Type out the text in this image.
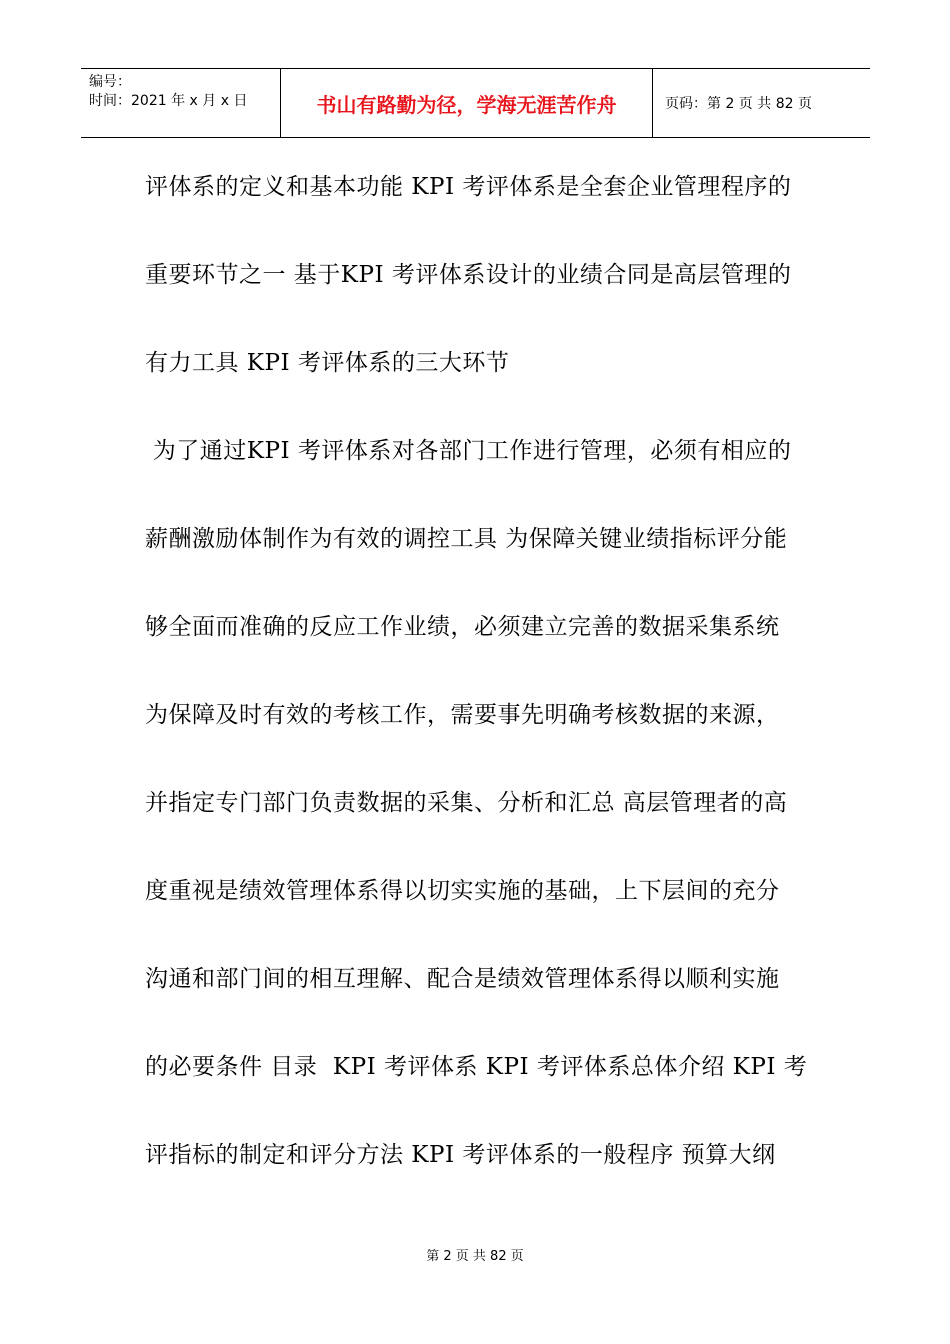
编号：
时间：2021 年 x 月 x 日	书山有路勤为径，学海无涯苦作舟	页码：第 2 页 共 82 页
评体系的定义和基本功能 KPI 考评体系是全套企业管理程序的
重要环节之一 基于KPI 考评体系设计的业绩合同是高层管理的
有力工具 KPI 考评体系的三大环节
为了通过KPI 考评体系对各部门工作进行管理，必须有相应的
薪酬激励体制作为有效的调控工具 为保障关键业绩指标评分能
够全面而准确的反应工作业绩，必须建立完善的数据采集系统
为保障及时有效的考核工作，需要事先明确考核数据的来源，
并指定专门部门负责数据的采集、分析和汇总 高层管理者的高
度重视是绩效管理体系得以切实实施的基础，上下层间的充分
沟通和部门间的相互理解、配合是绩效管理体系得以顺利实施
的必要条件 目录  KPI 考评体系 KPI 考评体系总体介绍 KPI 考
评指标的制定和评分方法 KPI 考评体系的一般程序 预算大纲
第 2 页 共 82 页
